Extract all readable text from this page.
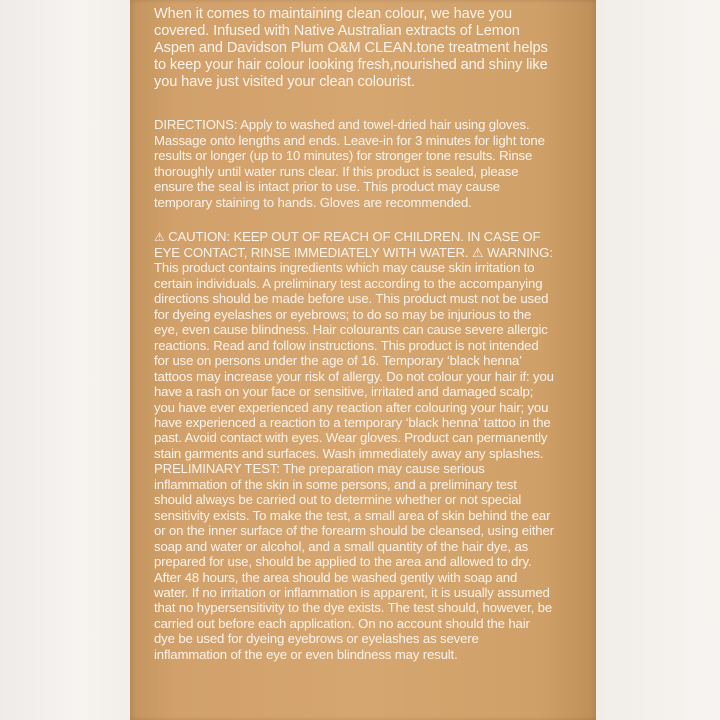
When it comes to maintaining clean colour, we have you covered. Infused with Native Australian extracts of Lemon Aspen and Davidson Plum O&M CLEAN.tone treatment helps to keep your hair colour looking fresh,nourished and shiny like you have just visited your clean colourist.

DIRECTIONS: Apply to washed and towel-dried hair using gloves. Massage onto lengths and ends. Leave-in for 3 minutes for light tone results or longer (up to 10 minutes) for stronger tone results. Rinse thoroughly until water runs clear. If this product is sealed, please ensure the seal is intact prior to use. This product may cause temporary staining to hands. Gloves are recommended.

⚠ CAUTION: KEEP OUT OF REACH OF CHILDREN. IN CASE OF EYE CONTACT, RINSE IMMEDIATELY WITH WATER. ⚠ WARNING: This product contains ingredients which may cause skin irritation to certain individuals. A preliminary test according to the accompanying directions should be made before use. This product must not be used for dyeing eyelashes or eyebrows; to do so may be injurious to the eye, even cause blindness. Hair colourants can cause severe allergic reactions. Read and follow instructions. This product is not intended for use on persons under the age of 16. Temporary ‘black henna’ tattoos may increase your risk of allergy. Do not colour your hair if: you have a rash on your face or sensitive, irritated and damaged scalp; you have ever experienced any reaction after colouring your hair; you have experienced a reaction to a temporary ‘black henna’ tattoo in the past. Avoid contact with eyes. Wear gloves. Product can permanently stain garments and surfaces. Wash immediately away any splashes. PRELIMINARY TEST: The preparation may cause serious inflammation of the skin in some persons, and a preliminary test should always be carried out to determine whether or not special sensitivity exists. To make the test, a small area of skin behind the ear or on the inner surface of the forearm should be cleansed, using either soap and water or alcohol, and a small quantity of the hair dye, as prepared for use, should be applied to the area and allowed to dry. After 48 hours, the area should be washed gently with soap and water. If no irritation or inflammation is apparent, it is usually assumed that no hypersensitivity to the dye exists. The test should, however, be carried out before each application. On no account should the hair dye be used for dyeing eyebrows or eyelashes as severe inflammation of the eye or even blindness may result.
